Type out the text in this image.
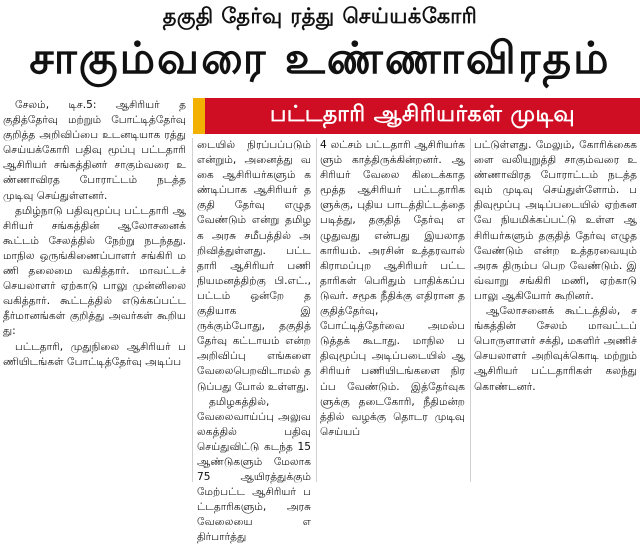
தகுதி தேர்வு ரத்து செய்யக்கோரி
சாகும்வரை உண்ணாவிரதம்
பட்டதாரி ஆசிரியர்கள் முடிவு

சேலம், டிச.5: ஆசிரியர் தகுதித்தேர்வு மற்றும் போட்டித்தேர்வு குறித்த அறிவிப்பை உடனடியாக ரத்து செய்யக்கோரி பதிவு மூப்பு பட்டதாரி ஆசிரியர் சங்கத்தினர் சாகும்வரை உண்ணாவிரத போராட்டம் நடத்த முடிவு செய்துள்ளனர்.

தமிழ்நாடு பதிவுமூப்பு பட்டதாரி ஆசிரியர் சங்கத்தின் ஆலோசனைக் கூட்டம் சேலத்தில் நேற்று நடந்தது. மாநில ஒருங்கிணைப்பாளர் சங்கிரி மணி தலைமை வகித்தார். மாவட்டச் செயலாளர் ஏற்காடு பாலு முன்னிலை வகித்தார். கூட்டத்தில் எடுக்கப்பட்ட தீர்மானங்கள் குறித்து அவர்கள் கூறியது:

பட்டதாரி, முதுநிலை ஆசிரியர் பணியிடங்கள் போட்டித்தேர்வு அடிப்ப

டையில் நிரப்பப்படும் என்றும், அனைத்து வகை ஆசிரியர்களும் கண்டிப்பாக ஆசிரியர் தகுதி தேர்வு எழுத வேண்டும் என்று தமிழக அரசு சமீபத்தில் அறிவித்துள்ளது. பட்டதாரி ஆசிரியர் பணி நியமனத்திற்கு பி.எட்., பட்டம் ஒன்றே தகுதியாக இருக்கும்போது, தகுதித் தேர்வு கட்டாயம் என்ற அறிவிப்பு எங்களை வேலைபெறவிடாமல் தடுப்பது போல் உள்ளது.

தமிழகத்தில், வேலைவாய்ப்பு அலுவலகத்தில் பதிவு செய்துவிட்டு கடந்த 15 ஆண்டுகளும் மேலாக 75 ஆயிரத்துக்கும் மேற்பட்ட ஆசிரியர் பட்டதாரிகளும், அரசு வேலையை எதிர்பார்த்து

4 லட்சம் பட்டதாரி ஆசிரியர்களும் காத்திருக்கின்றனர். ஆசிரியர் வேலை கிடைக்காத மூத்த ஆசிரியர் பட்டதாரிகளுக்கு, புதிய பாடத்திட்டத்தை படித்து, தகுதித் தேர்வு எழுதுவது என்பது இயலாத காரியம். அரசின் உத்தரவால் கிராமப்புற ஆசிரியர் பட்டதாரிகள் பெரிதும் பாதிக்கப்படுவர். சமூக நீதிக்கு எதிரான தகுதித்தேர்வு, போட்டித்தேர்வை அமல்படுத்தக் கூடாது. மாநில பதிவுமூப்பு அடிப்படையில் ஆசிரியர் பணியிடங்களை நிரப்ப வேண்டும். இத்தேர்வுகளுக்கு தடைகோரி, நீதிமன்றத்தில் வழக்கு தொடர முடிவு செய்யப்

பட்டுள்ளது. மேலும், கோரிக்கைகளை வலியுறுத்தி சாகும்வரை உண்ணாவிரத போராட்டம் நடத்தவும் முடிவு செய்துள்ளோம். பதிவுமூப்பு அடிப்படையில் ஏற்கனவே நியமிக்கப்பட்டு உள்ள ஆசிரியர்களும் தகுதித் தேர்வு எழுத வேண்டும் என்ற உத்தரவையும் அரசு திரும்ப பெற வேண்டும். இவ்வாறு சங்கிரி மணி, ஏற்காடு பாலு ஆகியோர் கூறினர்.

ஆலோசனைக் கூட்டத்தில், சங்கத்தின் சேலம் மாவட்டப் பொருளாளர் சக்தி, மகளிர் அணிச் செயலாளர் அறிவுக்கொடி மற்றும் ஆசிரியர் பட்டதாரிகள் கலந்து கொண்டனர்.
